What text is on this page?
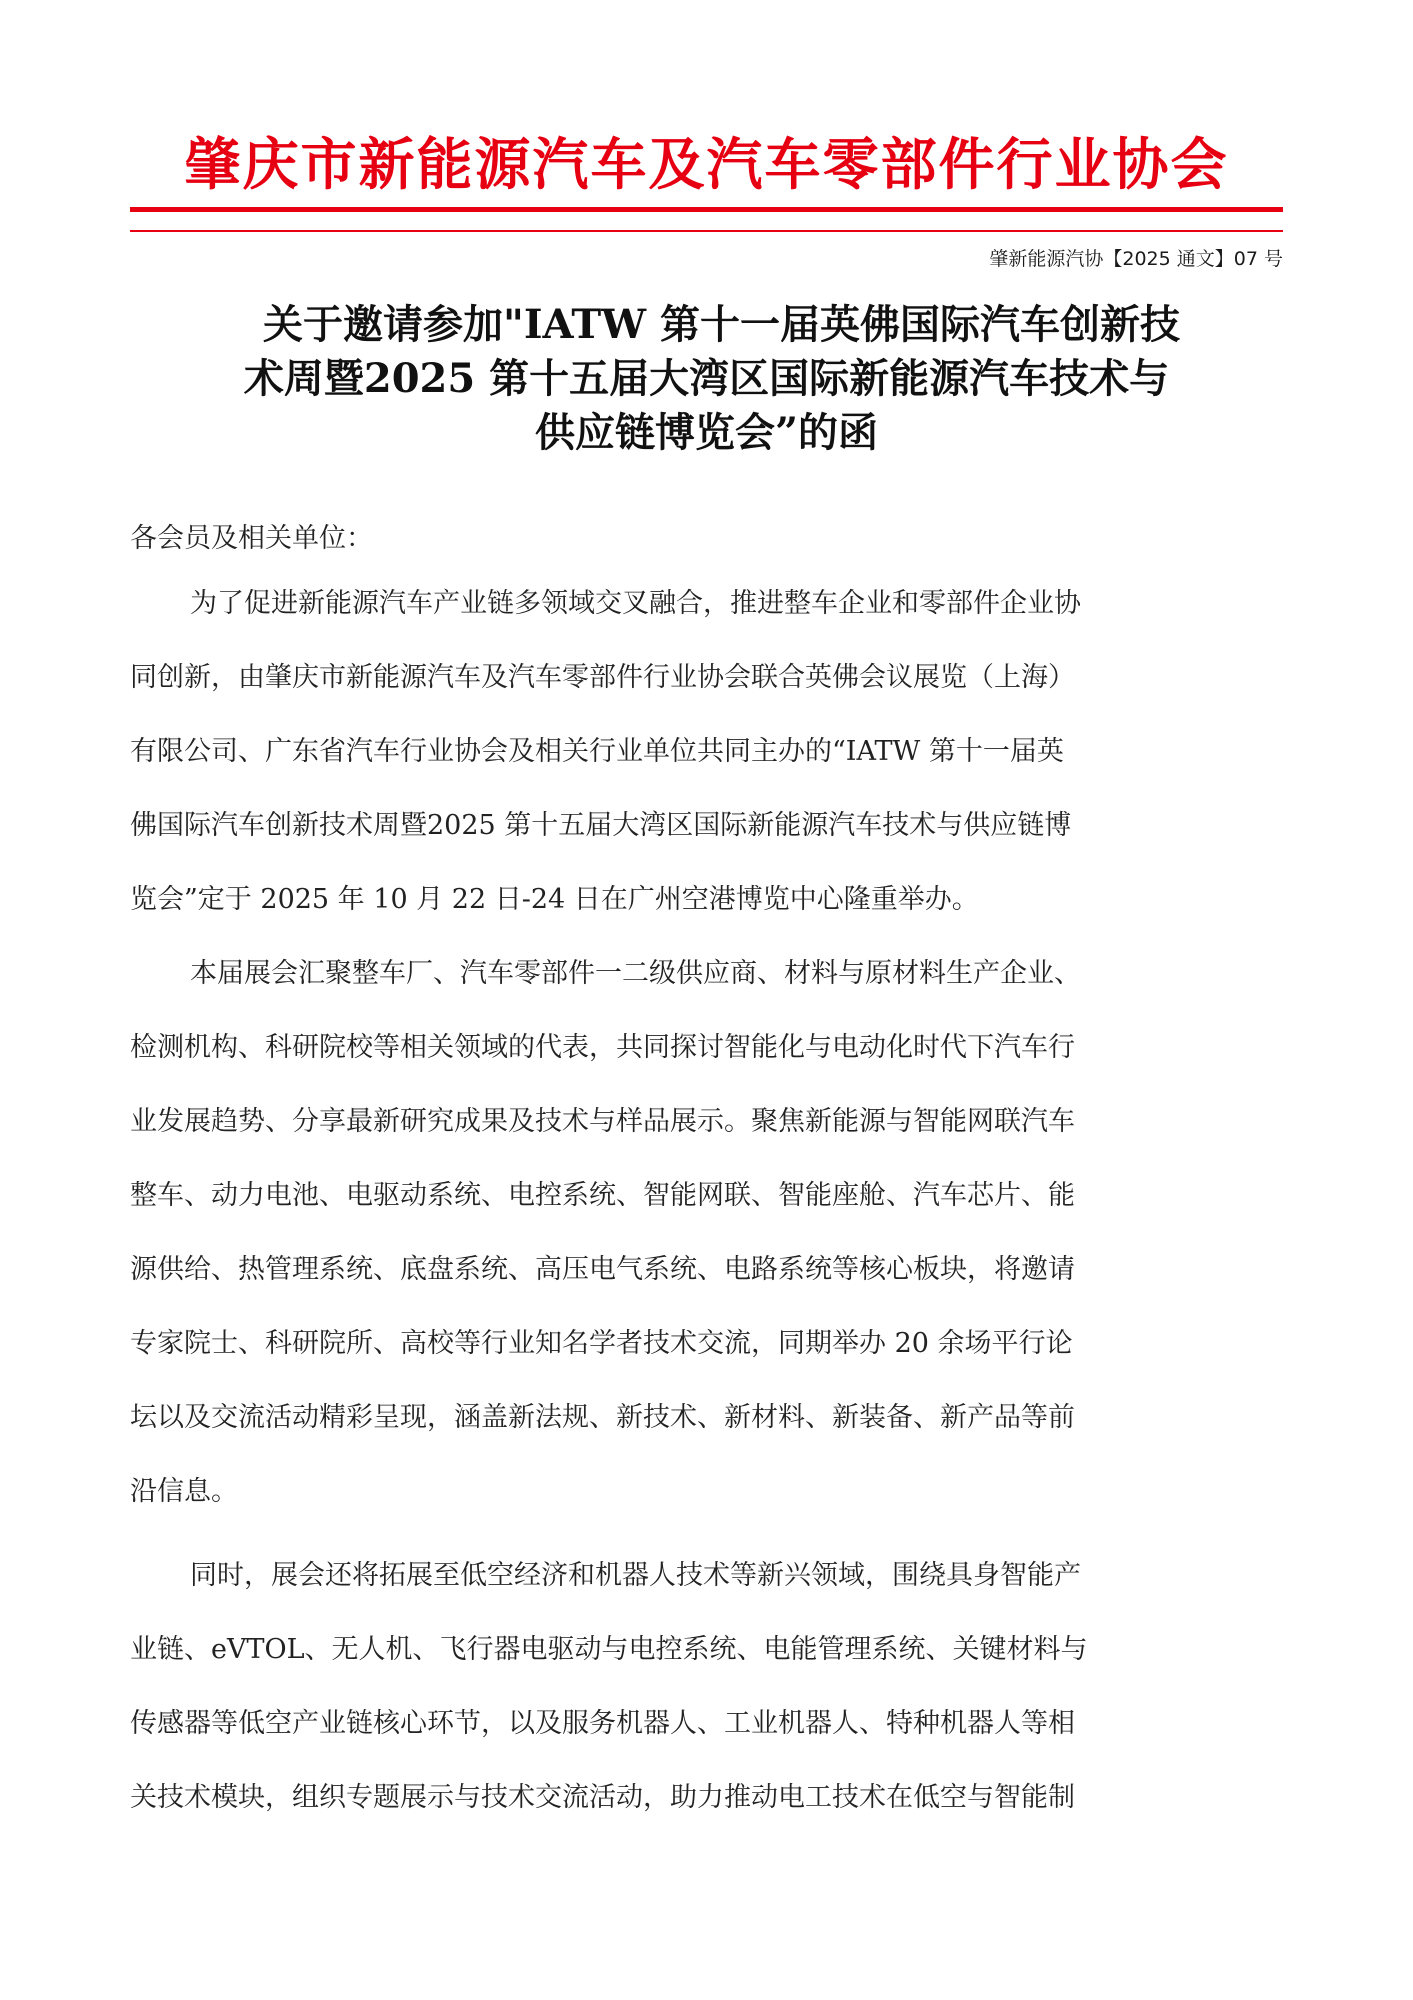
肇庆市新能源汽车及汽车零部件行业协会
肇新能源汽协【2025 通文】07 号
关于邀请参加"IATW 第十一届英佛国际汽车创新技
术周暨2025 第十五届大湾区国际新能源汽车技术与
供应链博览会”的函

各会员及相关单位：

为了促进新能源汽车产业链多领域交叉融合，推进整车企业和零部件企业协
同创新，由肇庆市新能源汽车及汽车零部件行业协会联合英佛会议展览（上海）
有限公司、广东省汽车行业协会及相关行业单位共同主办的“IATW 第十一届英
佛国际汽车创新技术周暨2025 第十五届大湾区国际新能源汽车技术与供应链博
览会”定于 2025 年 10 月 22 日-24 日在广州空港博览中心隆重举办。

本届展会汇聚整车厂、汽车零部件一二级供应商、材料与原材料生产企业、
检测机构、科研院校等相关领域的代表，共同探讨智能化与电动化时代下汽车行
业发展趋势、分享最新研究成果及技术与样品展示。聚焦新能源与智能网联汽车
整车、动力电池、电驱动系统、电控系统、智能网联、智能座舱、汽车芯片、能
源供给、热管理系统、底盘系统、高压电气系统、电路系统等核心板块，将邀请
专家院士、科研院所、高校等行业知名学者技术交流，同期举办 20 余场平行论
坛以及交流活动精彩呈现，涵盖新法规、新技术、新材料、新装备、新产品等前
沿信息。

同时，展会还将拓展至低空经济和机器人技术等新兴领域，围绕具身智能产
业链、eVTOL、无人机、飞行器电驱动与电控系统、电能管理系统、关键材料与
传感器等低空产业链核心环节，以及服务机器人、工业机器人、特种机器人等相
关技术模块，组织专题展示与技术交流活动，助力推动电工技术在低空与智能制
